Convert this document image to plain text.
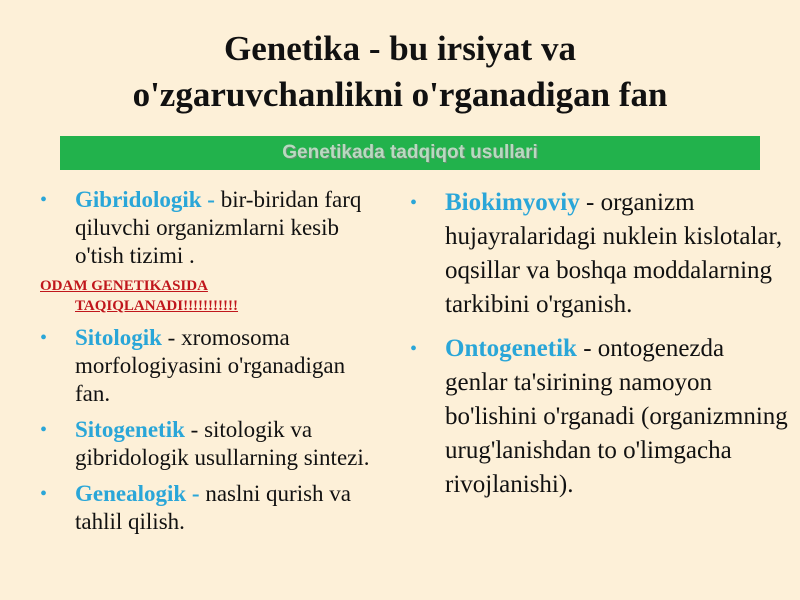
Genetika - bu irsiyat va
o'zgaruvchanlikni o'rganadigan fan
Genetikada tadqiqot usullari
• Gibridologik - bir-biridan farq qiluvchi organizmlarni kesib o'tish tizimi .
ODAM GENETIKASIDA
TAQIQLANADI!!!!!!!!!!!
• Sitologik - xromosoma morfologiyasini o'rganadigan fan.
• Sitogenetik - sitologik va gibridologik usullarning sintezi.
• Genealogik - naslni qurish va tahlil qilish.
• Biokimyoviy - organizm hujayralaridagi nuklein kislotalar, oqsillar va boshqa moddalarning tarkibini o'rganish.
• Ontogenetik - ontogenezda genlar ta'sirining namoyon bo'lishini o'rganadi (organizmning urug'lanishdan to o'limgacha rivojlanishi).
